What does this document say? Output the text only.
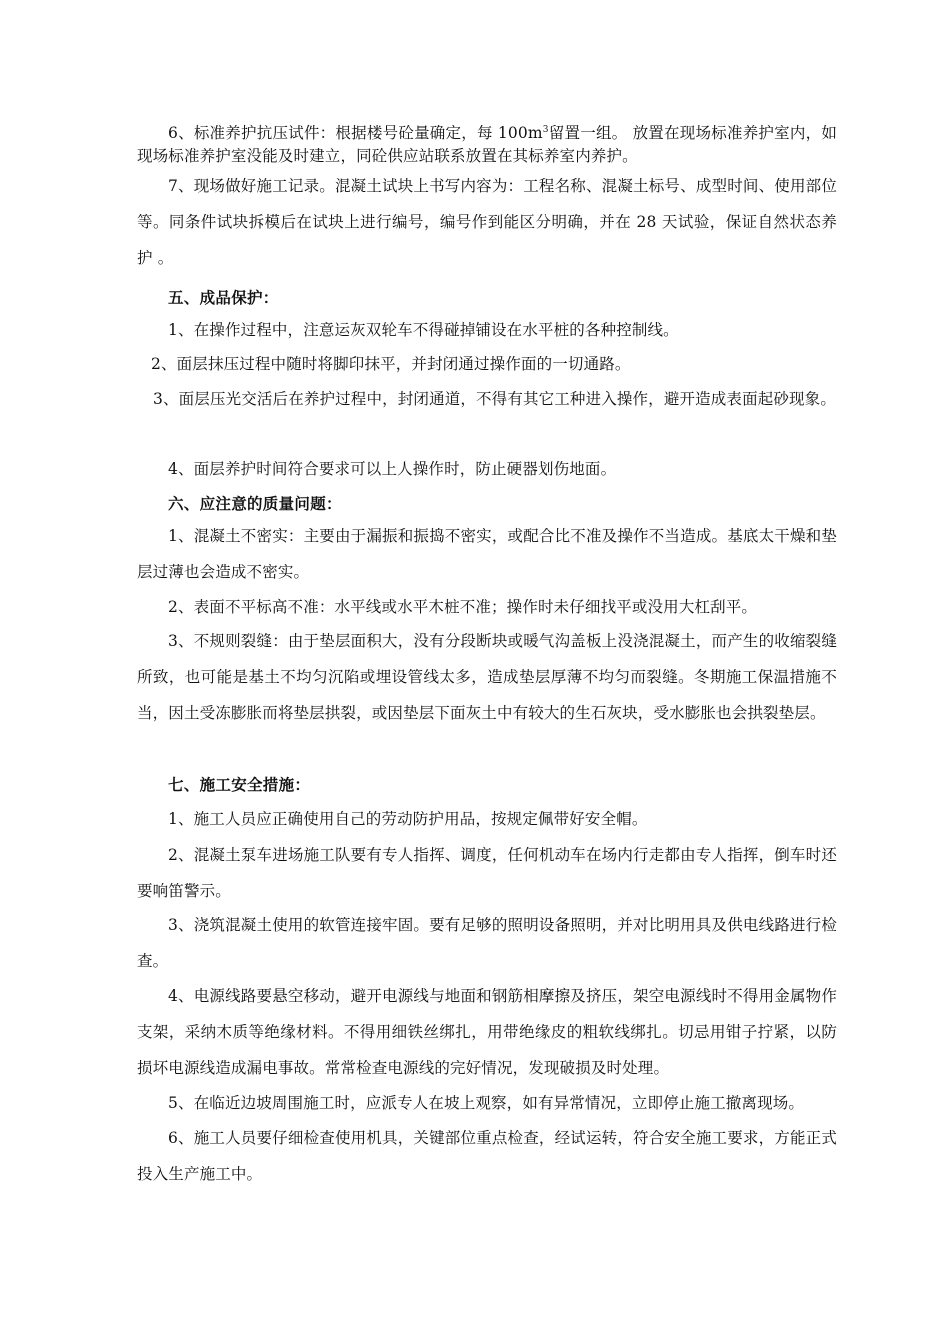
6、标准养护抗压试件：根据楼号砼量确定，每 $100m^3$留置一组。 放置在现场标准养护室内，如现场标准养护室没能及时建立，同砼供应站联系放置在其标养室内养护。
7、现场做好施工记录。混凝土试块上书写内容为：工程名称、混凝土标号、成型时间、使用部位等。同条件试块拆模后在试块上进行编号，编号作到能区分明确，并在 28 天试验，保证自然状态养护 。
五、成品保护：
1、在操作过程中，注意运灰双轮车不得碰掉铺设在水平桩的各种控制线。
2、面层抹压过程中随时将脚印抹平，并封闭通过操作面的一切通路。
3、面层压光交活后在养护过程中，封闭通道，不得有其它工种进入操作，避开造成表面起砂现象。
4、面层养护时间符合要求可以上人操作时，防止硬器划伤地面。
六、应注意的质量问题：
1、混凝土不密实：主要由于漏振和振捣不密实，或配合比不准及操作不当造成。基底太干燥和垫层过薄也会造成不密实。
2、表面不平标高不准：水平线或水平木桩不准；操作时未仔细找平或没用大杠刮平。
3、不规则裂缝：由于垫层面积大，没有分段断块或暖气沟盖板上没浇混凝土，而产生的收缩裂缝所致，也可能是基土不均匀沉陷或埋设管线太多，造成垫层厚薄不均匀而裂缝。冬期施工保温措施不当，因土受冻膨胀而将垫层拱裂，或因垫层下面灰土中有较大的生石灰块，受水膨胀也会拱裂垫层。
七、施工安全措施：
1、施工人员应正确使用自己的劳动防护用品，按规定佩带好安全帽。
2、混凝土泵车进场施工队要有专人指挥、调度，任何机动车在场内行走都由专人指挥，倒车时还要响笛警示。
3、浇筑混凝土使用的软管连接牢固。要有足够的照明设备照明，并对比明用具及供电线路进行检查。
4、电源线路要悬空移动，避开电源线与地面和钢筋相摩擦及挤压，架空电源线时不得用金属物作支架，采纳木质等绝缘材料。不得用细铁丝绑扎，用带绝缘皮的粗软线绑扎。切忌用钳子拧紧，以防损坏电源线造成漏电事故。常常检查电源线的完好情况，发现破损及时处理。
5、在临近边坡周围施工时，应派专人在坡上观察，如有异常情况，立即停止施工撤离现场。
6、施工人员要仔细检查使用机具，关键部位重点检查，经试运转，符合安全施工要求，方能正式投入生产施工中。
